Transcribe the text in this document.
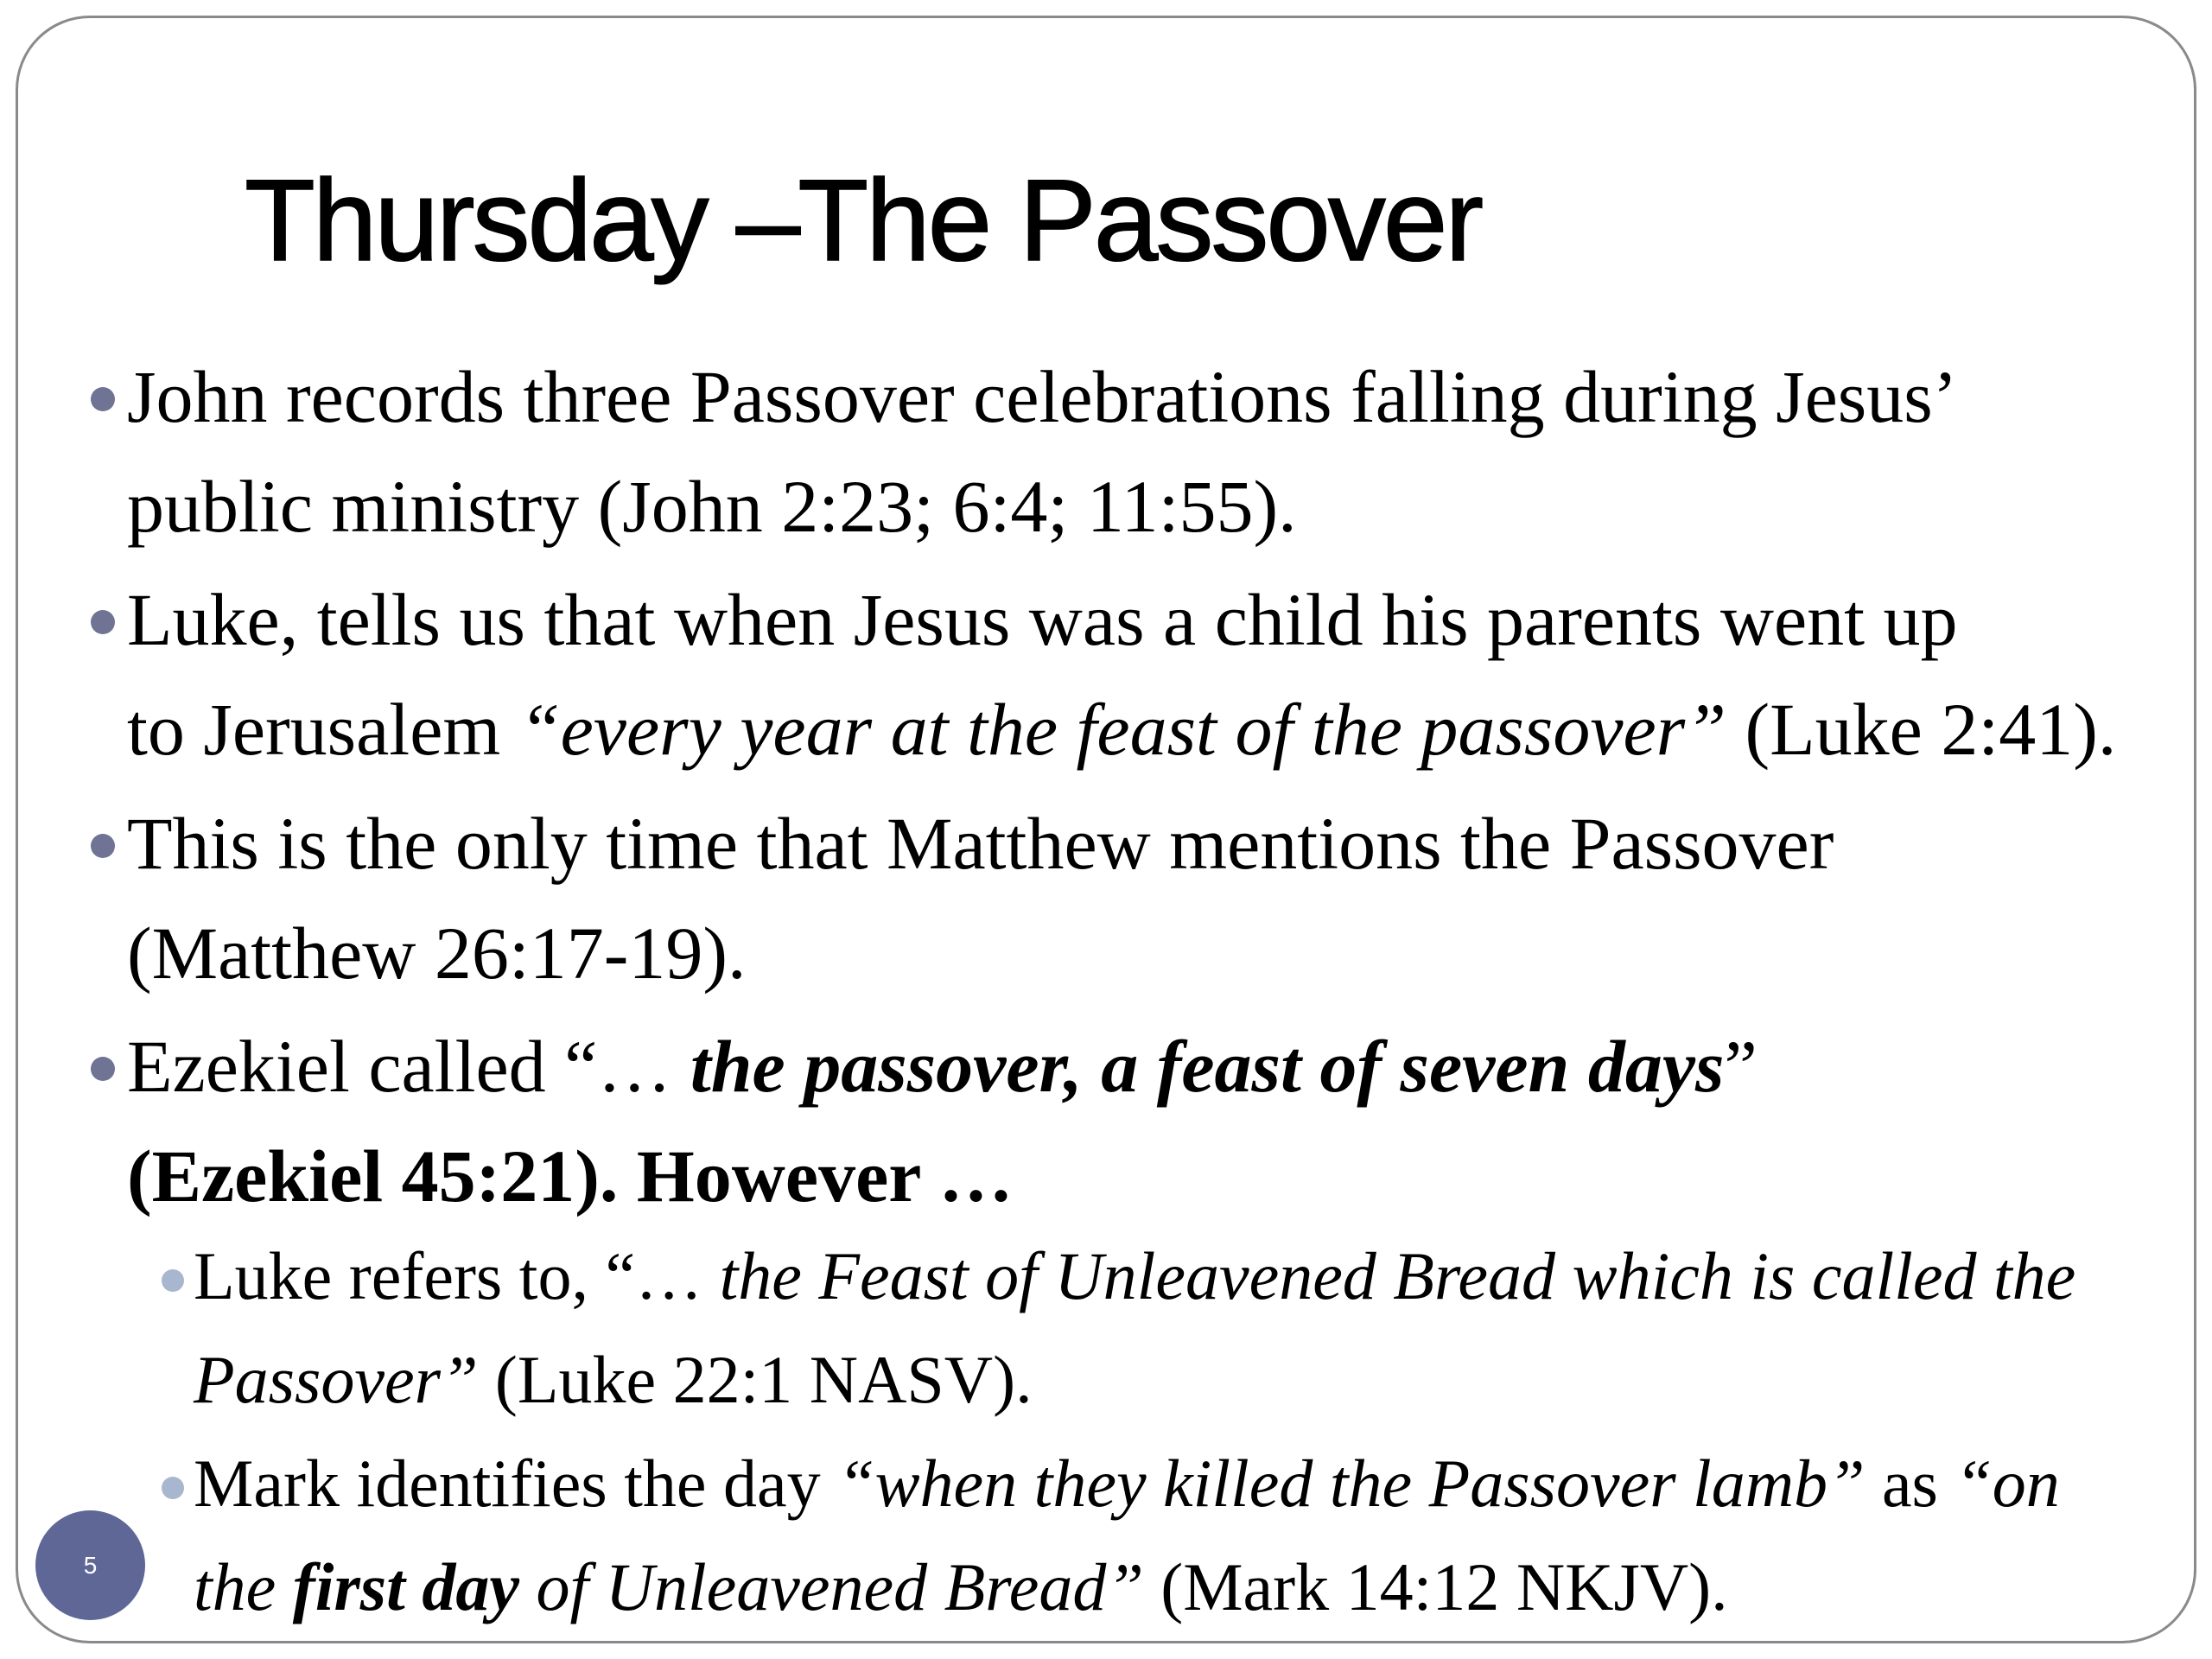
Thursday –The Passover
John records three Passover celebrations falling during Jesus’
public ministry (John 2:23; 6:4; 11:55).
Luke, tells us that when Jesus was a child his parents went up
to Jerusalem “every year at the feast of the passover” (Luke 2:41).
This is the only time that Matthew mentions the Passover
(Matthew 26:17-19).
Ezekiel called “… the passover, a feast of seven days”
(Ezekiel 45:21). However …
Luke refers to, “… the Feast of Unleavened Bread which is called the
Passover” (Luke 22:1 NASV).
Mark identifies the day “when they killed the Passover lamb” as “on
the first day of Unleavened Bread” (Mark 14:12 NKJV).
5
